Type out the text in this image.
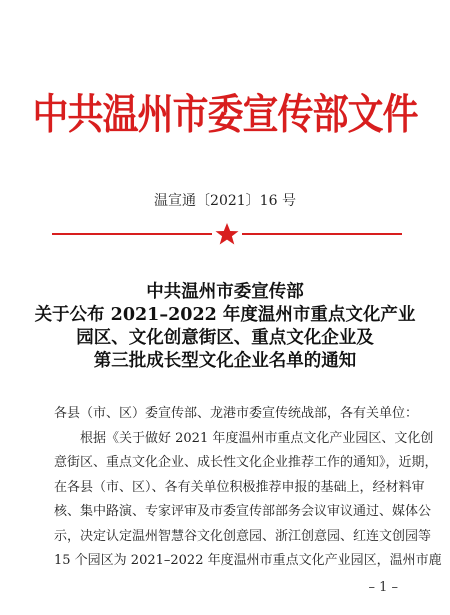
中共温州市委宣传部文件
温宣通〔2021〕16 号
中共温州市委宣传部
关于公布 2021–2022 年度温州市重点文化产业
园区、文化创意街区、重点文化企业及
第三批成长型文化企业名单的通知

各县（市、区）委宣传部、龙港市委宣传统战部，各有关单位：

根据《关于做好 2021 年度温州市重点文化产业园区、文化创

意街区、重点文化企业、成长性文化企业推荐工作的通知》，近期，

在各县（市、区）、各有关单位积极推荐申报的基础上，经材料审

核、集中路演、专家评审及市委宣传部部务会议审议通过、媒体公

示，决定认定温州智慧谷文化创意园、浙江创意园、红连文创园等

15 个园区为 2021–2022 年度温州市重点文化产业园区，温州市鹿

– 1 –
